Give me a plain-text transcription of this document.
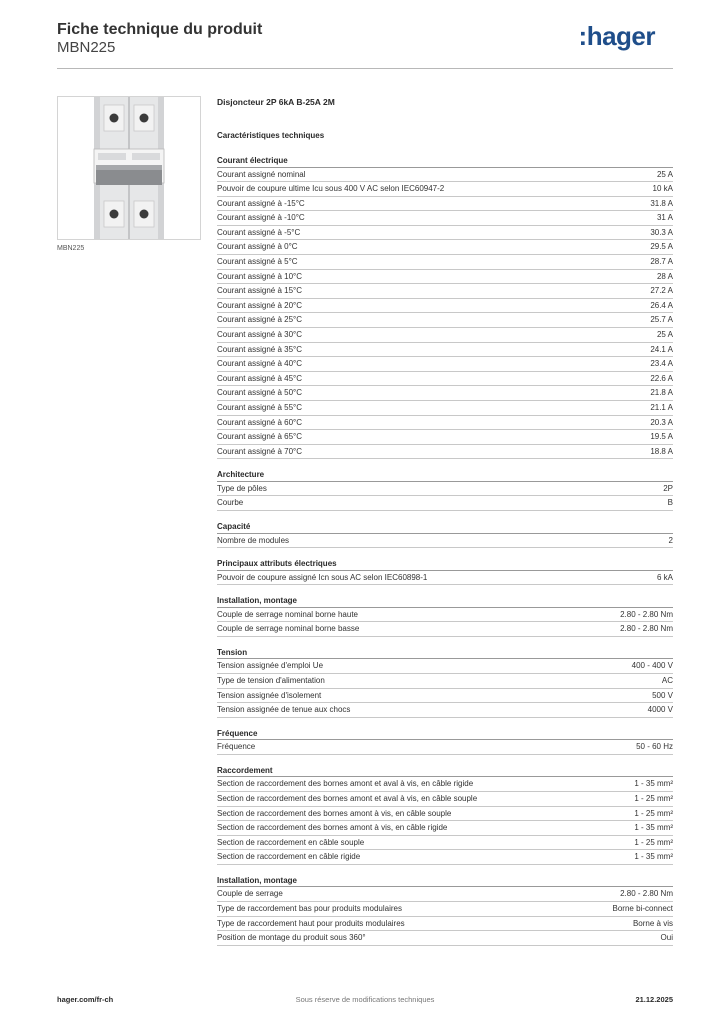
Fiche technique du produit
MBN225	:hager
MBN225
Disjoncteur 2P 6kA B-25A 2M
Caractéristiques techniques
Courant électrique
Courant assigné nominal	25 A
Pouvoir de coupure ultime Icu sous 400 V AC selon IEC60947-2	10 kA
Courant assigné à -15°C	31.8 A
Courant assigné à -10°C	31 A
Courant assigné à -5°C	30.3 A
Courant assigné à 0°C	29.5 A
Courant assigné à 5°C	28.7 A
Courant assigné à 10°C	28 A
Courant assigné à 15°C	27.2 A
Courant assigné à 20°C	26.4 A
Courant assigné à 25°C	25.7 A
Courant assigné à 30°C	25 A
Courant assigné à 35°C	24.1 A
Courant assigné à 40°C	23.4 A
Courant assigné à 45°C	22.6 A
Courant assigné à 50°C	21.8 A
Courant assigné à 55°C	21.1 A
Courant assigné à 60°C	20.3 A
Courant assigné à 65°C	19.5 A
Courant assigné à 70°C	18.8 A
Architecture
Type de pôles	2P
Courbe	B
Capacité
Nombre de modules	2
Principaux attributs électriques
Pouvoir de coupure assigné Icn sous AC selon IEC60898-1	6 kA
Installation, montage
Couple de serrage nominal borne haute	2.80 - 2.80 Nm
Couple de serrage nominal borne basse	2.80 - 2.80 Nm
Tension
Tension assignée d'emploi Ue	400 - 400 V
Type de tension d'alimentation	AC
Tension assignée d'isolement	500 V
Tension assignée de tenue aux chocs	4000 V
Fréquence
Fréquence	50 - 60 Hz
Raccordement
Section de raccordement des bornes amont et aval à vis, en câble rigide	1 - 35 mm²
Section de raccordement des bornes amont et aval à vis, en câble souple	1 - 25 mm²
Section de raccordement des bornes amont à vis, en câble souple	1 - 25 mm²
Section de raccordement des bornes amont à vis, en câble rigide	1 - 35 mm²
Section de raccordement en câble souple	1 - 25 mm²
Section de raccordement en câble rigide	1 - 35 mm²
Installation, montage
Couple de serrage	2.80 - 2.80 Nm
Type de raccordement bas pour produits modulaires	Borne bi-connect
Type de raccordement haut pour produits modulaires	Borne à vis
Position de montage du produit sous 360°	Oui
hager.com/fr-ch	Sous réserve de modifications techniques	21.12.2025
